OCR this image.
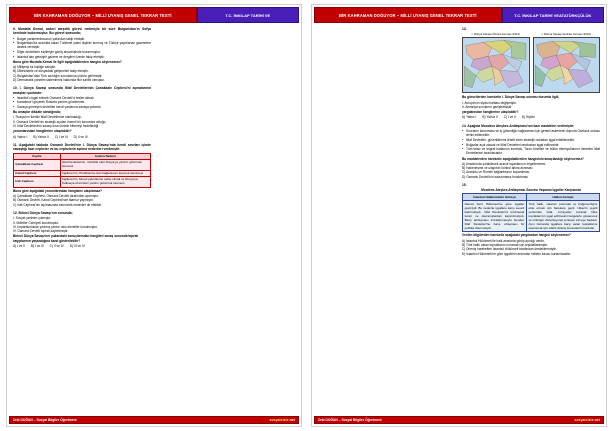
BİR KAHRAMAN DOĞUYOR – MİLLİ UYANIŞ GENEL TEKRAR TESTİ	T.C. İNKILAP TARİHİ VE
9. Mustafa Kemal, askeri ateşelik görevi nedeniyle bir süre Bulgaristan'ın Sofya kentinde bulunmuştur. Bu görevi sırasında;
● Bulgar parlamentosunun yakından takip etmiştir.
● Bulgaristan'da azınlıkta kalan Türklerle yakın ilişkiler kurmuş ve Türkçe yayınlanan gazetelere destek vermiştir.
● Diğer devletlerin elçileriyle görüş alışverişinde bulunmuştur.
● İstanbul'dan gelmiştir gazene ve dergileri özenle takip etmiştir.
Buna göre Mustafa Kemal ile ilgili aşağıdakilerden hangisi söylenemez?
A) Milliyetçi bir kişiliğe sahiptir.
B) Ülkesindeki ve dünyadaki gelişmeleri takip etmiştir.
C) Bulgaristan'daki Türk azınlığın sorunlarına çözüm getirmiştir.
D) Demokratik yönetim sistemlerini hakkında fikir sahibi olmuştur.
10. I. Dünya Savaşı sırasında İtilaf Devletlerinin Çanakkale Cephesi'ni açmalarının amaçları şunlardır:
● İstanbul'u işgal ederek Osmanlı Devleti'ni teslim almak
● Karadeniz'i geçerek Ruslara yardım göndermek.
● Savaşa girmeyen devletleri kendi yanlarına savaşa çekmek.
Bu amaçlar dikkate alındığında;
I. Rusya'nın Ikentiz İtilaf Devletlerine katılmadığı,
II. Osmanlı Devleti'nin stratejik açıdan önemli bir konumda olduğu,
III. İtilaf Devletlerinin savaşı kısa sürede bitirmeyi hedeflediği
yorumlarından hangilerine ulaşılabilir?
A) Yalnız I B) Yalnız II C) I ve III D) II ve III
11. Aşağıdaki tabloda Osmanlı Devleti'nin I. Dünya Savaşı'nda kendi sınırları içinde savaştığı bazı cepheler ve bu cephelerin açılma nedenleri verilmiştir.
Cephe	Açılma Nedeni
Çanakkale Cephesi	İtilaf Devletlerinin, müttefiki olan Rusya'ya yardım götürmek istemesi
Kanal Cephesi	İngiltere'nin, Hindistan'la olan bağlantısını kesmek istenmesi
Irak Cephesi	İngiltere'nin, Musul petrollerine sahip olmak ve Rusya'ya Kafkasya üzerinden yardım götürmek istemesi
Buna göre aşağıdaki yorumlarından hangisine ulaşılamaz?
A) Çanakkale Cephesi, Osmanlı Devleti tarafından açılmıştır.
B) Osmanlı Devleti, Kanal Cephesi'nde taarruz yapmıştır.
C) Irak Cephesi'nin açılmasında ekonomik nedenler de etkilidir.
12. Birinci Dünya Savaşı'nın sonunda;
I. Sovyet yeniden çıkmıştır.
II. Milletler Cemiyeti kurulmuştur.
III. İmparatorluklar yıkılmış yerine ulus devletler kurulmuştur.
IV. Osmanlı Devleti toprak kaybetmiştir.
Birinci Dünya Savaşı'nın yukarıdaki sonuçlarından hangileri savaş sonunda toprak kayıplarının yaşandığına kanıt gösterilebilir?
A) I ve II B) I ve III C) II ve IV D) III ve IV
Zeki DOĞAN – Sosyal Bilgiler Öğretmeni	sosyalcizle.net
BİR KAHRAMAN DOĞUYOR – MİLLİ UYANIŞ GENEL TEKRAR TESTİ	T.C. İNKILAP TARİHİ VE ATATÜRKÇÜLÜK
13.
I. Dünya Savaşı Öncesi Avrupa (1914)	I. Dünya Savaşı Sonrası Avrupa (1919)
Bu görsellerden hareketle I. Dünya Savaşı sonrası durumla ilgili,
I. Avrupa'nın siyasi haritası değişmiştir.
II. Almanya sınırlarını genişletmiştir.
yargılarından hangilerine ulaşılabilir?
A) Yalnız I B) Yalnız II C) I ve II D) Hiçbiri
14. Aşağıda Mondros Ateşkes Antlaşması'nın bazı maddeleri verilmiştir:
● Sınırların korunması ve iç güvenliğin sağlanması için gerekli askerlerin dışında Osmanlı ordusu terhis edilecektir.
● İtilaf Devletleri, güvenliklerini tehdit eden stratejik noktaları işgal edebilecektir.
● Boğazlar açık olacak ve İtilaf Devletleri tarafından işgal edilecektir.
● Tüm telsiz ve telgraf hatlarının kontrolü, Toros tünelleri ve bütün demiryollarının denetimi İtilaf Devletlerine bırakılacaktır.
Bu maddelerden hareketle aşağıdakilerden hangisinin amaçlandığı söylenemez?
A) Anadolu'da çıkabilecek azınlık isyanlarının engellenmesi
B) Haberleşme ve ulaşımın kontrol altına alınması
C) Anadolu ve Rumeli bağlantısının koparılması
D) Osmanlı Devleti'nin savunmasız bırakılması
15.
Mondros Ateşkes Antlaşması Sonrası Yaşanan İşgaller Karşısında
İstanbul Hükümetinin Görüşü	Halkın Görüşü
Damat Ferit Hükümeti'ne göre işgaller geçiciydi. Bu nedenle işgallere karşı sessiz kalınmalıydı. İtilaf Devletleri'ni kızdıracak tutum ve davranışlardan kaçınılmalıydı. Barış antlaşması imzalanmasıyla beraber İtilaf Devletleri'ne barış uzlaşması bir politika izlenmeliydi.	Türk halkı, vatanını korumak ve bağımsızlığını elde etmek için harekete geçti. Ülkenin çeşitli yerlerinde halk, cemiyetler kurarak Ülke topraklarının işgal edilmesini belgelerle göstererek ve mitingler düzenleyerek protesto etmeye başladı. Aynı zamanda işgallere karşı vatan topraklarını savunmak için silahlı direniş kuvvetlerini kurdular.
Verilen bilgilerden hareketle aşağıdaki yargılardan hangisi söylenemez?
A) İstanbul Hükümeti ile halk arasında görüş ayrılığı vardır.
B) Türk halkı vatan topraklarını korumak için teşkilatlanmıştır.
C) Direniş hareketleri İstanbul Hükümeti tarafından desteklenmiştir.
D) İstanbul Hükümeti'ne göre işgallerin ardından milletin kaosu kurtarılacaktır.
Zeki DOĞAN – Sosyal Bilgiler Öğretmeni	sosyalcizle.net
